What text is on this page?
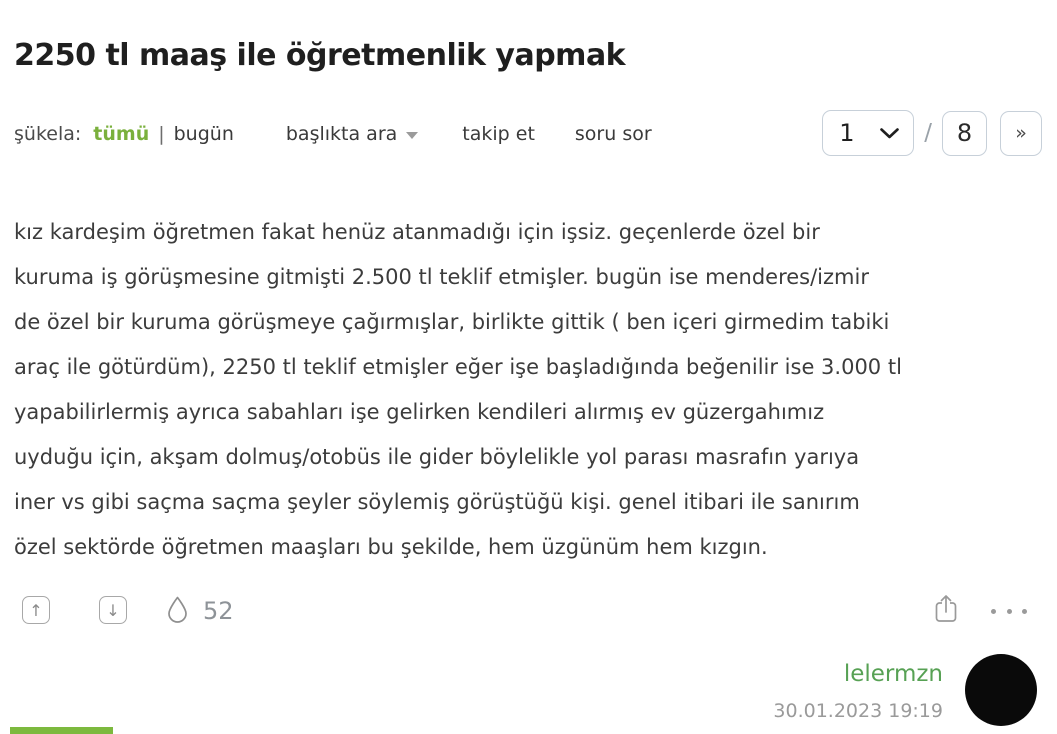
2250 tl maaş ile öğretmenlik yapmak
şükela: tümü | bugün	başlıkta ara	takip et soru sor	1	/	8	»
kız kardeşim öğretmen fakat henüz atanmadığı için işsiz. geçenlerde özel bir
kuruma iş görüşmesine gitmişti 2.500 tl teklif etmişler. bugün ise menderes/izmir
de özel bir kuruma görüşmeye çağırmışlar, birlikte gittik ( ben içeri girmedim tabiki
araç ile götürdüm), 2250 tl teklif etmişler eğer işe başladığında beğenilir ise 3.000 tl
yapabilirlermiş ayrıca sabahları işe gelirken kendileri alırmış ev güzergahımız
uyduğu için, akşam dolmuş/otobüs ile gider böylelikle yol parası masrafın yarıya
iner vs gibi saçma saçma şeyler söylemiş görüştüğü kişi. genel itibari ile sanırım
özel sektörde öğretmen maaşları bu şekilde, hem üzgünüm hem kızgın.
↑	↓	52
lelermzn
30.01.2023 19:19
